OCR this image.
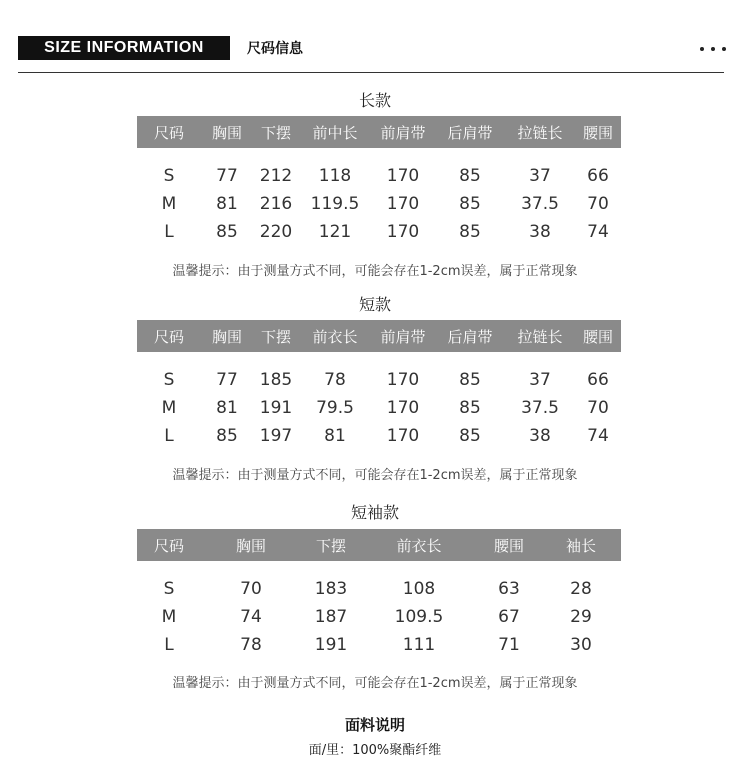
SIZE INFORMATION	尺码信息
长款
尺码	胸围	下摆	前中长	前肩带	后肩带	拉链长	腰围
S	77	212	118	170	85	37	66
M	81	216	119.5	170	85	37.5	70
L	85	220	121	170	85	38	74
温馨提示：由于测量方式不同，可能会存在1-2cm误差，属于正常现象
短款
尺码	胸围	下摆	前衣长	前肩带	后肩带	拉链长	腰围
S	77	185	78	170	85	37	66
M	81	191	79.5	170	85	37.5	70
L	85	197	81	170	85	38	74
温馨提示：由于测量方式不同，可能会存在1-2cm误差，属于正常现象
短袖款
尺码	胸围	下摆	前衣长	腰围	袖长
S	70	183	108	63	28
M	74	187	109.5	67	29
L	78	191	111	71	30
温馨提示：由于测量方式不同，可能会存在1-2cm误差，属于正常现象
面料说明
面/里：100%聚酯纤维
